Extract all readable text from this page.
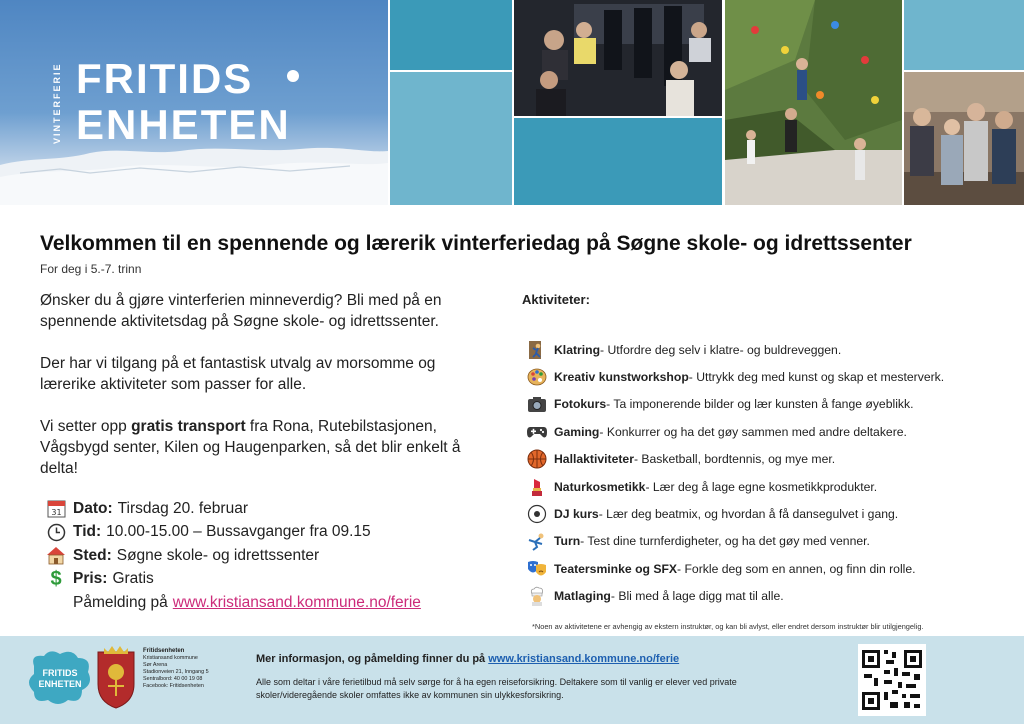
VINTERFERIE FRITIDS
ENHETEN
Velkommen til en spennende og lærerik vinterferiedag på Søgne skole- og idrettssenter
For deg i 5.-7. trinn

Ønsker du å gjøre vinterferien minneverdig? Bli med på en spennende aktivitetsdag på Søgne skole- og idrettssenter.

Der har vi tilgang på et fantastisk utvalg av morsomme og lærerike aktiviteter som passer for alle.

Vi setter opp gratis transport fra Rona, Rutebilstasjonen, Vågsbygd senter, Kilen og Haugenparken, så det blir enkelt å delta!

31 Dato: Tirsdag 20. februar
Tid: 10.00-15.00 – Bussavganger fra 09.15
Sted: Søgne skole- og idrettssenter
$ Pris: Gratis
Påmelding på www.kristiansand.kommune.no/ferie
Aktiviteter:
Klatring - Utfordre deg selv i klatre- og buldreveggen.
Kreativ kunstworkshop - Uttrykk deg med kunst og skap et mesterverk.
Fotokurs - Ta imponerende bilder og lær kunsten å fange øyeblikk.
Gaming - Konkurrer og ha det gøy sammen med andre deltakere.
Hallaktiviteter - Basketball, bordtennis, og mye mer.
Naturkosmetikk - Lær deg å lage egne kosmetikkprodukter.
DJ kurs - Lær deg beatmix, og hvordan å få dansegulvet i gang.
Turn - Test dine turnferdigheter, og ha det gøy med venner.
Teatersminke og SFX - Forkle deg som en annen, og finn din rolle.
Matlaging - Bli med å lage digg mat til alle.
*Noen av aktivitetene er avhengig av ekstern instruktør, og kan bli avlyst, eller endret dersom instruktør blir utilgjengelig.
FRITIDS
ENHETEN
Fritidsenheten
Kristiansand kommune
Sør Arena
Stadionveien 21, Inngang 5
Sentralbord: 40 00 19 08
Facebook: Fritidsenheten
Mer informasjon, og påmelding finner du på www.kristiansand.kommune.no/ferie
Alle som deltar i våre ferietilbud må selv sørge for å ha egen reiseforsikring. Deltakere som til vanlig er elever ved private skoler/videregående skoler omfattes ikke av kommunen sin ulykkesforsikring.
